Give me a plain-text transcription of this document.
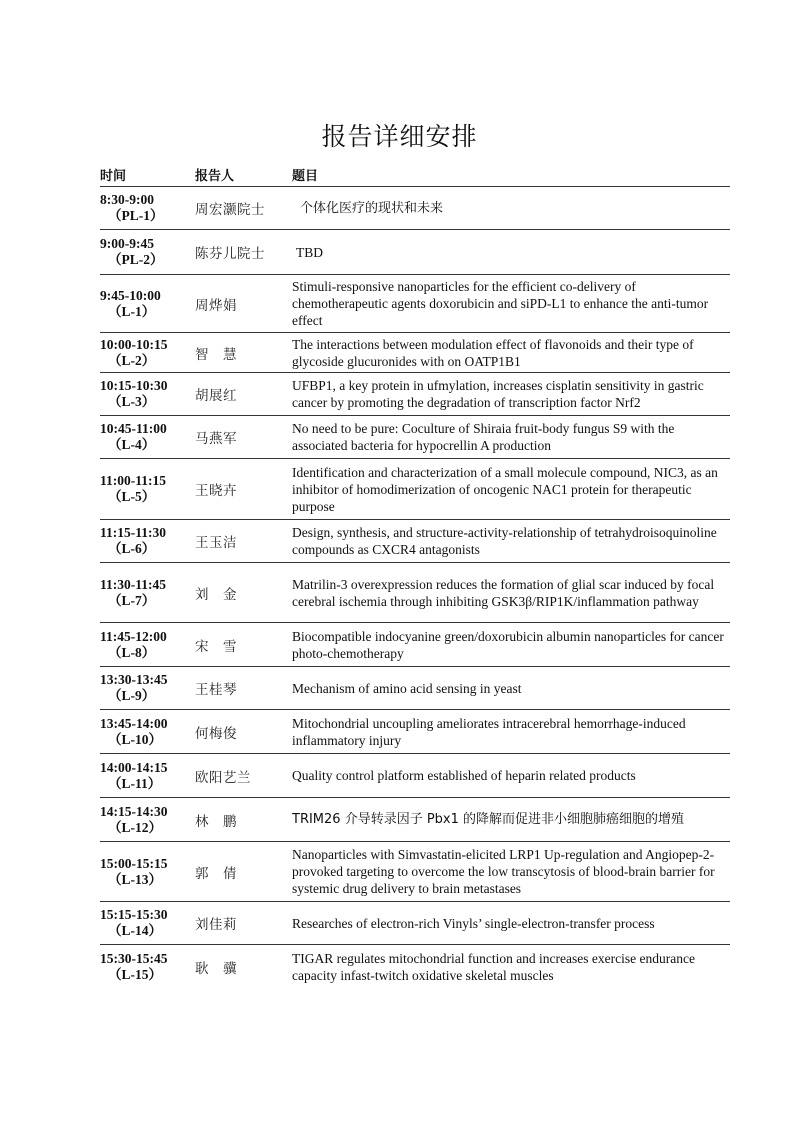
报告详细安排
时间	报告人	题目
8:30-9:00
（PL-1）	周宏灏院士	个体化医疗的现状和未来
9:00-9:45
（PL-2）	陈芬儿院士	TBD
9:45-10:00
（L-1）	周烨娟	Stimuli-responsive nanoparticles for the efficient co-delivery of chemotherapeutic agents doxorubicin and siPD-L1 to enhance the anti-tumor effect
10:00-10:15
（L-2）	智　慧	The interactions between modulation effect of flavonoids and their type of glycoside glucuronides with on OATP1B1
10:15-10:30
（L-3）	胡展红	UFBP1, a key protein in ufmylation, increases cisplatin sensitivity in gastric cancer by promoting the degradation of transcription factor Nrf2
10:45-11:00
（L-4）	马燕军	No need to be pure: Coculture of Shiraia fruit-body fungus S9 with the associated bacteria for hypocrellin A production
11:00-11:15
（L-5）	王晓卉	Identification and characterization of a small molecule compound, NIC3, as an inhibitor of homodimerization of oncogenic NAC1 protein for therapeutic purpose
11:15-11:30
（L-6）	王玉洁	Design, synthesis, and structure-activity-relationship of tetrahydroisoquinoline compounds as CXCR4 antagonists
11:30-11:45
（L-7）	刘　金	Matrilin-3 overexpression reduces the formation of glial scar induced by focal cerebral ischemia through inhibiting GSK3β/RIP1K/inflammation pathway
11:45-12:00
（L-8）	宋　雪	Biocompatible indocyanine green/doxorubicin albumin nanoparticles for cancer photo-chemotherapy
13:30-13:45
（L-9）	王桂琴	Mechanism of amino acid sensing in yeast
13:45-14:00
（L-10）	何梅俊	Mitochondrial uncoupling ameliorates intracerebral hemorrhage-induced inflammatory injury
14:00-14:15
（L-11）	欧阳艺兰	Quality control platform established of heparin related products
14:15-14:30
（L-12）	林　鹏	TRIM26 介导转录因子 Pbx1 的降解而促进非小细胞肺癌细胞的增殖
15:00-15:15
（L-13）	郭　倩	Nanoparticles with Simvastatin-elicited LRP1 Up-regulation and Angiopep-2-provoked targeting to overcome the low transcytosis of blood-brain barrier for systemic drug delivery to brain metastases
15:15-15:30
（L-14）	刘佳莉	Researches of electron-rich Vinyls’ single-electron-transfer process
15:30-15:45
（L-15）	耿　骥	TIGAR regulates mitochondrial function and increases exercise endurance capacity infast-twitch oxidative skeletal muscles
